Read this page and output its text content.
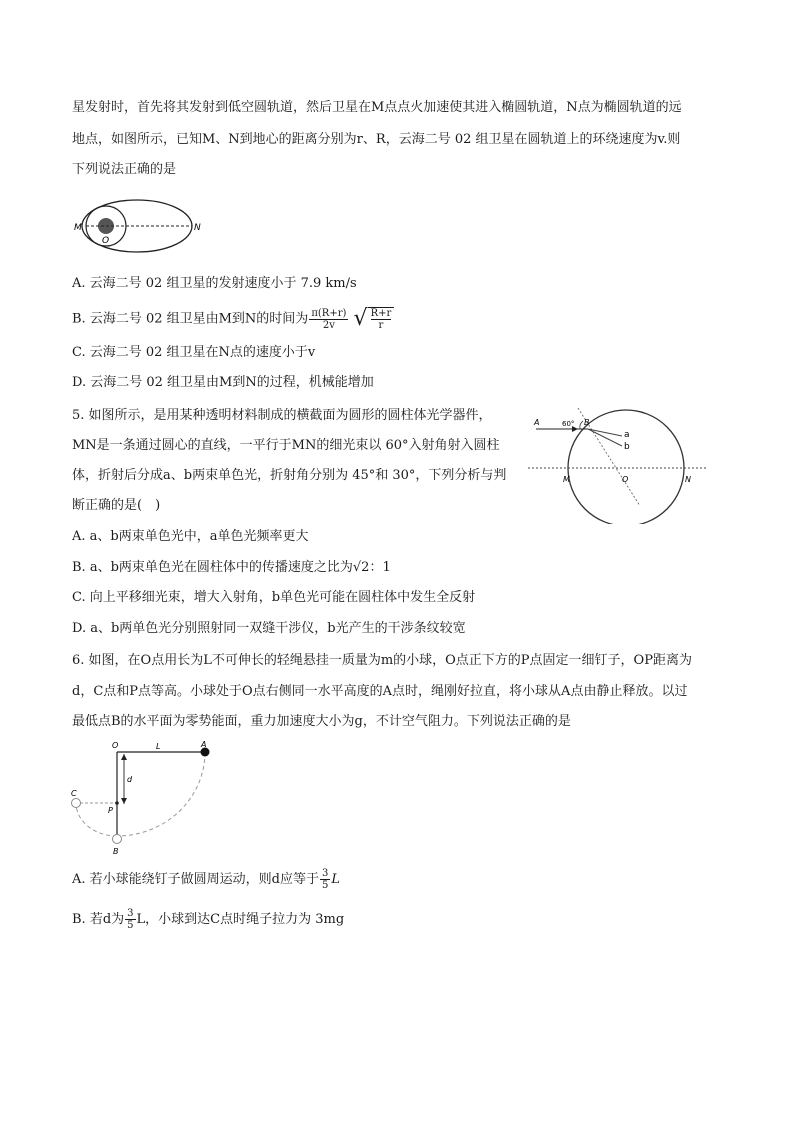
星发射时，首先将其发射到低空圆轨道，然后卫星在M点点火加速使其进入椭圆轨道，N点为椭圆轨道的远
地点，如图所示，已知M、N到地心的距离分别为r、R，云海二号 02 组卫星在圆轨道上的环绕速度为v.则
下列说法正确的是
M	N
O
A. 云海二号 02 组卫星的发射速度小于 7.9 km/s
B. 云海二号 02 组卫星由M到N的时间为 $\frac{\pi(R+r)}{2v}$ √ $\frac{R+r}{r}$
C. 云海二号 02 组卫星在N点的速度小于v
D. 云海二号 02 组卫星由M到N的过程，机械能增加
5. 如图所示，是用某种透明材料制成的横截面为圆形的圆柱体光学器件，
MN是一条通过圆心的直线，一平行于MN的细光束以 60°入射角射入圆柱
体，折射后分成a、b两束单色光，折射角分别为 45°和 30°，下列分析与判
断正确的是(　)
A	B
60°
a
b
M	O	N
A. a、b两束单色光中，a单色光频率更大
B. a、b两束单色光在圆柱体中的传播速度之比为√2：1
C. 向上平移细光束，增大入射角，b单色光可能在圆柱体中发生全反射
D. a、b两单色光分别照射同一双缝干涉仪，b光产生的干涉条纹较宽
6. 如图，在O点用长为L不可伸长的轻绳悬挂一质量为m的小球，O点正下方的P点固定一细钉子，OP距离为
d，C点和P点等高。小球处于O点右侧同一水平高度的A点时，绳刚好拉直，将小球从A点由静止释放。以过
最低点B的水平面为零势能面，重力加速度大小为g，不计空气阻力。下列说法正确的是
O	L	A
d
C
P
B
A. 若小球能绕钉子做圆周运动，则d应等于 $\frac{3}{5}$ L
B. 若d为 $\frac{3}{5}$ L，小球到达C点时绳子拉力为 3mg
